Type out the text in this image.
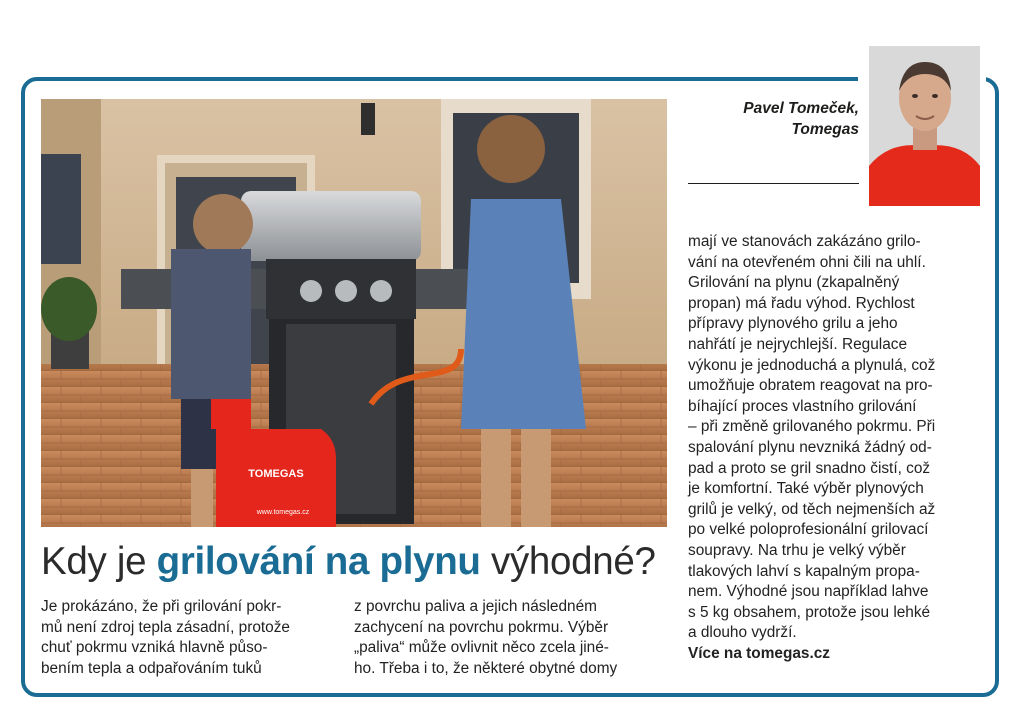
TOMEGAS
www.tomegas.cz
Pavel Tomeček,
Tomegas
Kdy je grilování na plynu výhodné?
Je prokázáno, že při grilování pokr-
mů není zdroj tepla zásadní, protože
chuť pokrmu vzniká hlavně půso-
bením tepla a odpařováním tuků
z povrchu paliva a jejich následném
zachycení na povrchu pokrmu. Výběr
„paliva“ může ovlivnit něco zcela jiné-
ho. Třeba i to, že některé obytné domy
mají ve stanovách zakázáno grilo-
vání na otevřeném ohni čili na uhlí.
Grilování na plynu (zkapalněný
propan) má řadu výhod. Rychlost
přípravy plynového grilu a jeho
nahřátí je nejrychlejší. Regulace
výkonu je jednoduchá a plynulá, což
umožňuje obratem reagovat na pro-
bíhající proces vlastního grilování
– při změně grilovaného pokrmu. Při
spalování plynu nevzniká žádný od-
pad a proto se gril snadno čistí, což
je komfortní. Také výběr plynových
grilů je velký, od těch nejmenších až
po velké poloprofesionální grilovací
soupravy. Na trhu je velký výběr
tlakových lahví s kapalným propa-
nem. Výhodné jsou například lahve
s 5 kg obsahem, protože jsou lehké
a dlouho vydrží.
Více na tomegas.cz
